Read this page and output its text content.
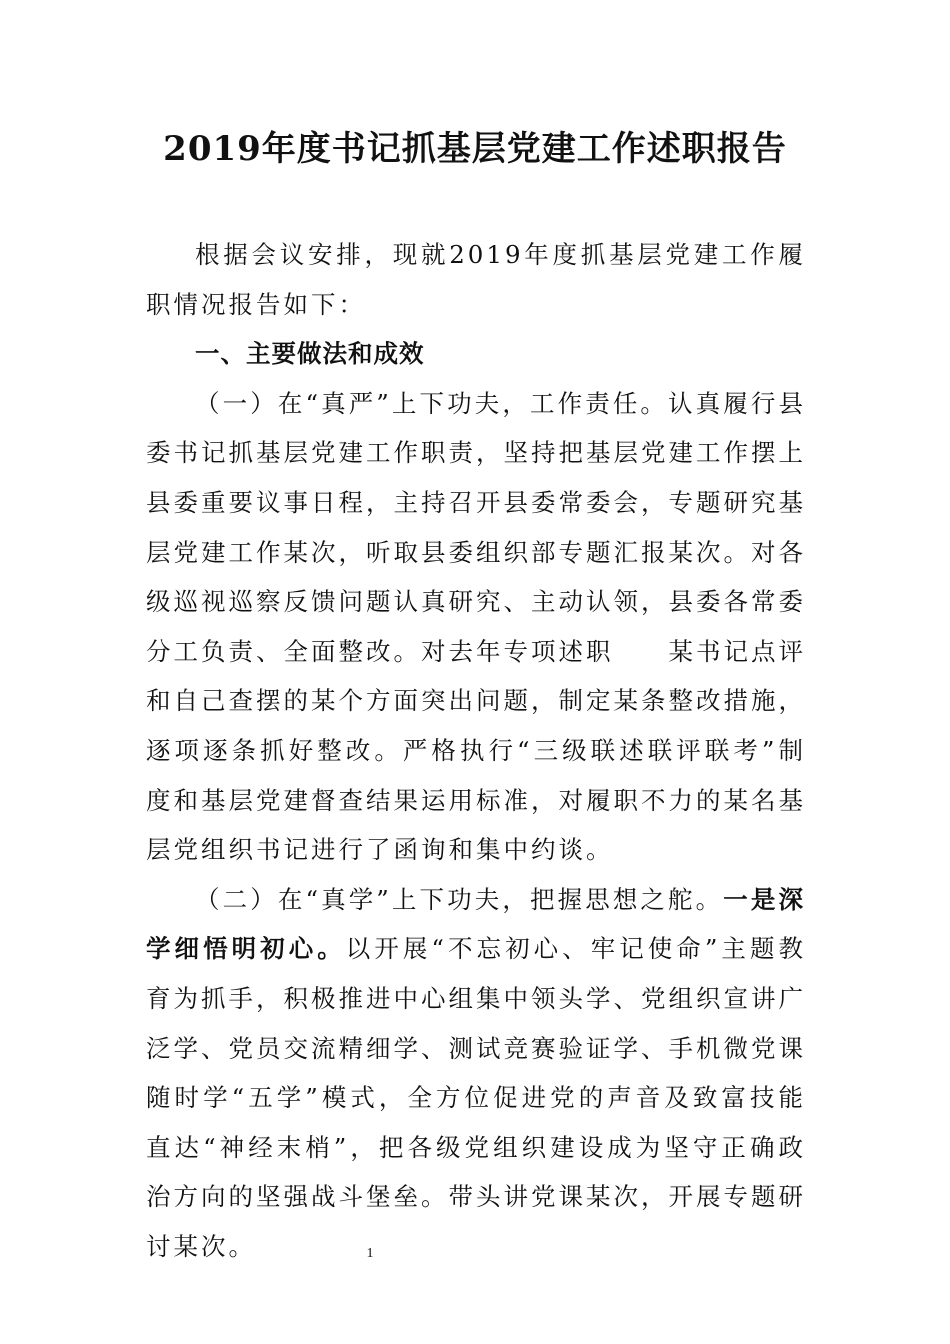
2019年度书记抓基层党建工作述职报告

根据会议安排，现就2019年度抓基层党建工作履职情况报告如下：

一、主要做法和成效

（一）在“真严”上下功夫，工作责任。认真履行县委书记抓基层党建工作职责，坚持把基层党建工作摆上县委重要议事日程，主持召开县委常委会，专题研究基层党建工作某次，听取县委组织部专题汇报某次。对各级巡视巡察反馈问题认真研究、主动认领，县委各常委分工负责、全面整改。对去年专项述职　　某书记点评和自己查摆的某个方面突出问题，制定某条整改措施，逐项逐条抓好整改。严格执行“三级联述联评联考”制度和基层党建督查结果运用标准，对履职不力的某名基层党组织书记进行了函询和集中约谈。

（二）在“真学”上下功夫，把握思想之舵。一是深学细悟明初心。以开展“不忘初心、牢记使命”主题教育为抓手，积极推进中心组集中领头学、党组织宣讲广泛学、党员交流精细学、测试竞赛验证学、手机微党课随时学“五学”模式，全方位促进党的声音及致富技能直达“神经末梢”，把各级党组织建设成为坚守正确政治方向的坚强战斗堡垒。带头讲党课某次，开展专题研讨某次。	1
